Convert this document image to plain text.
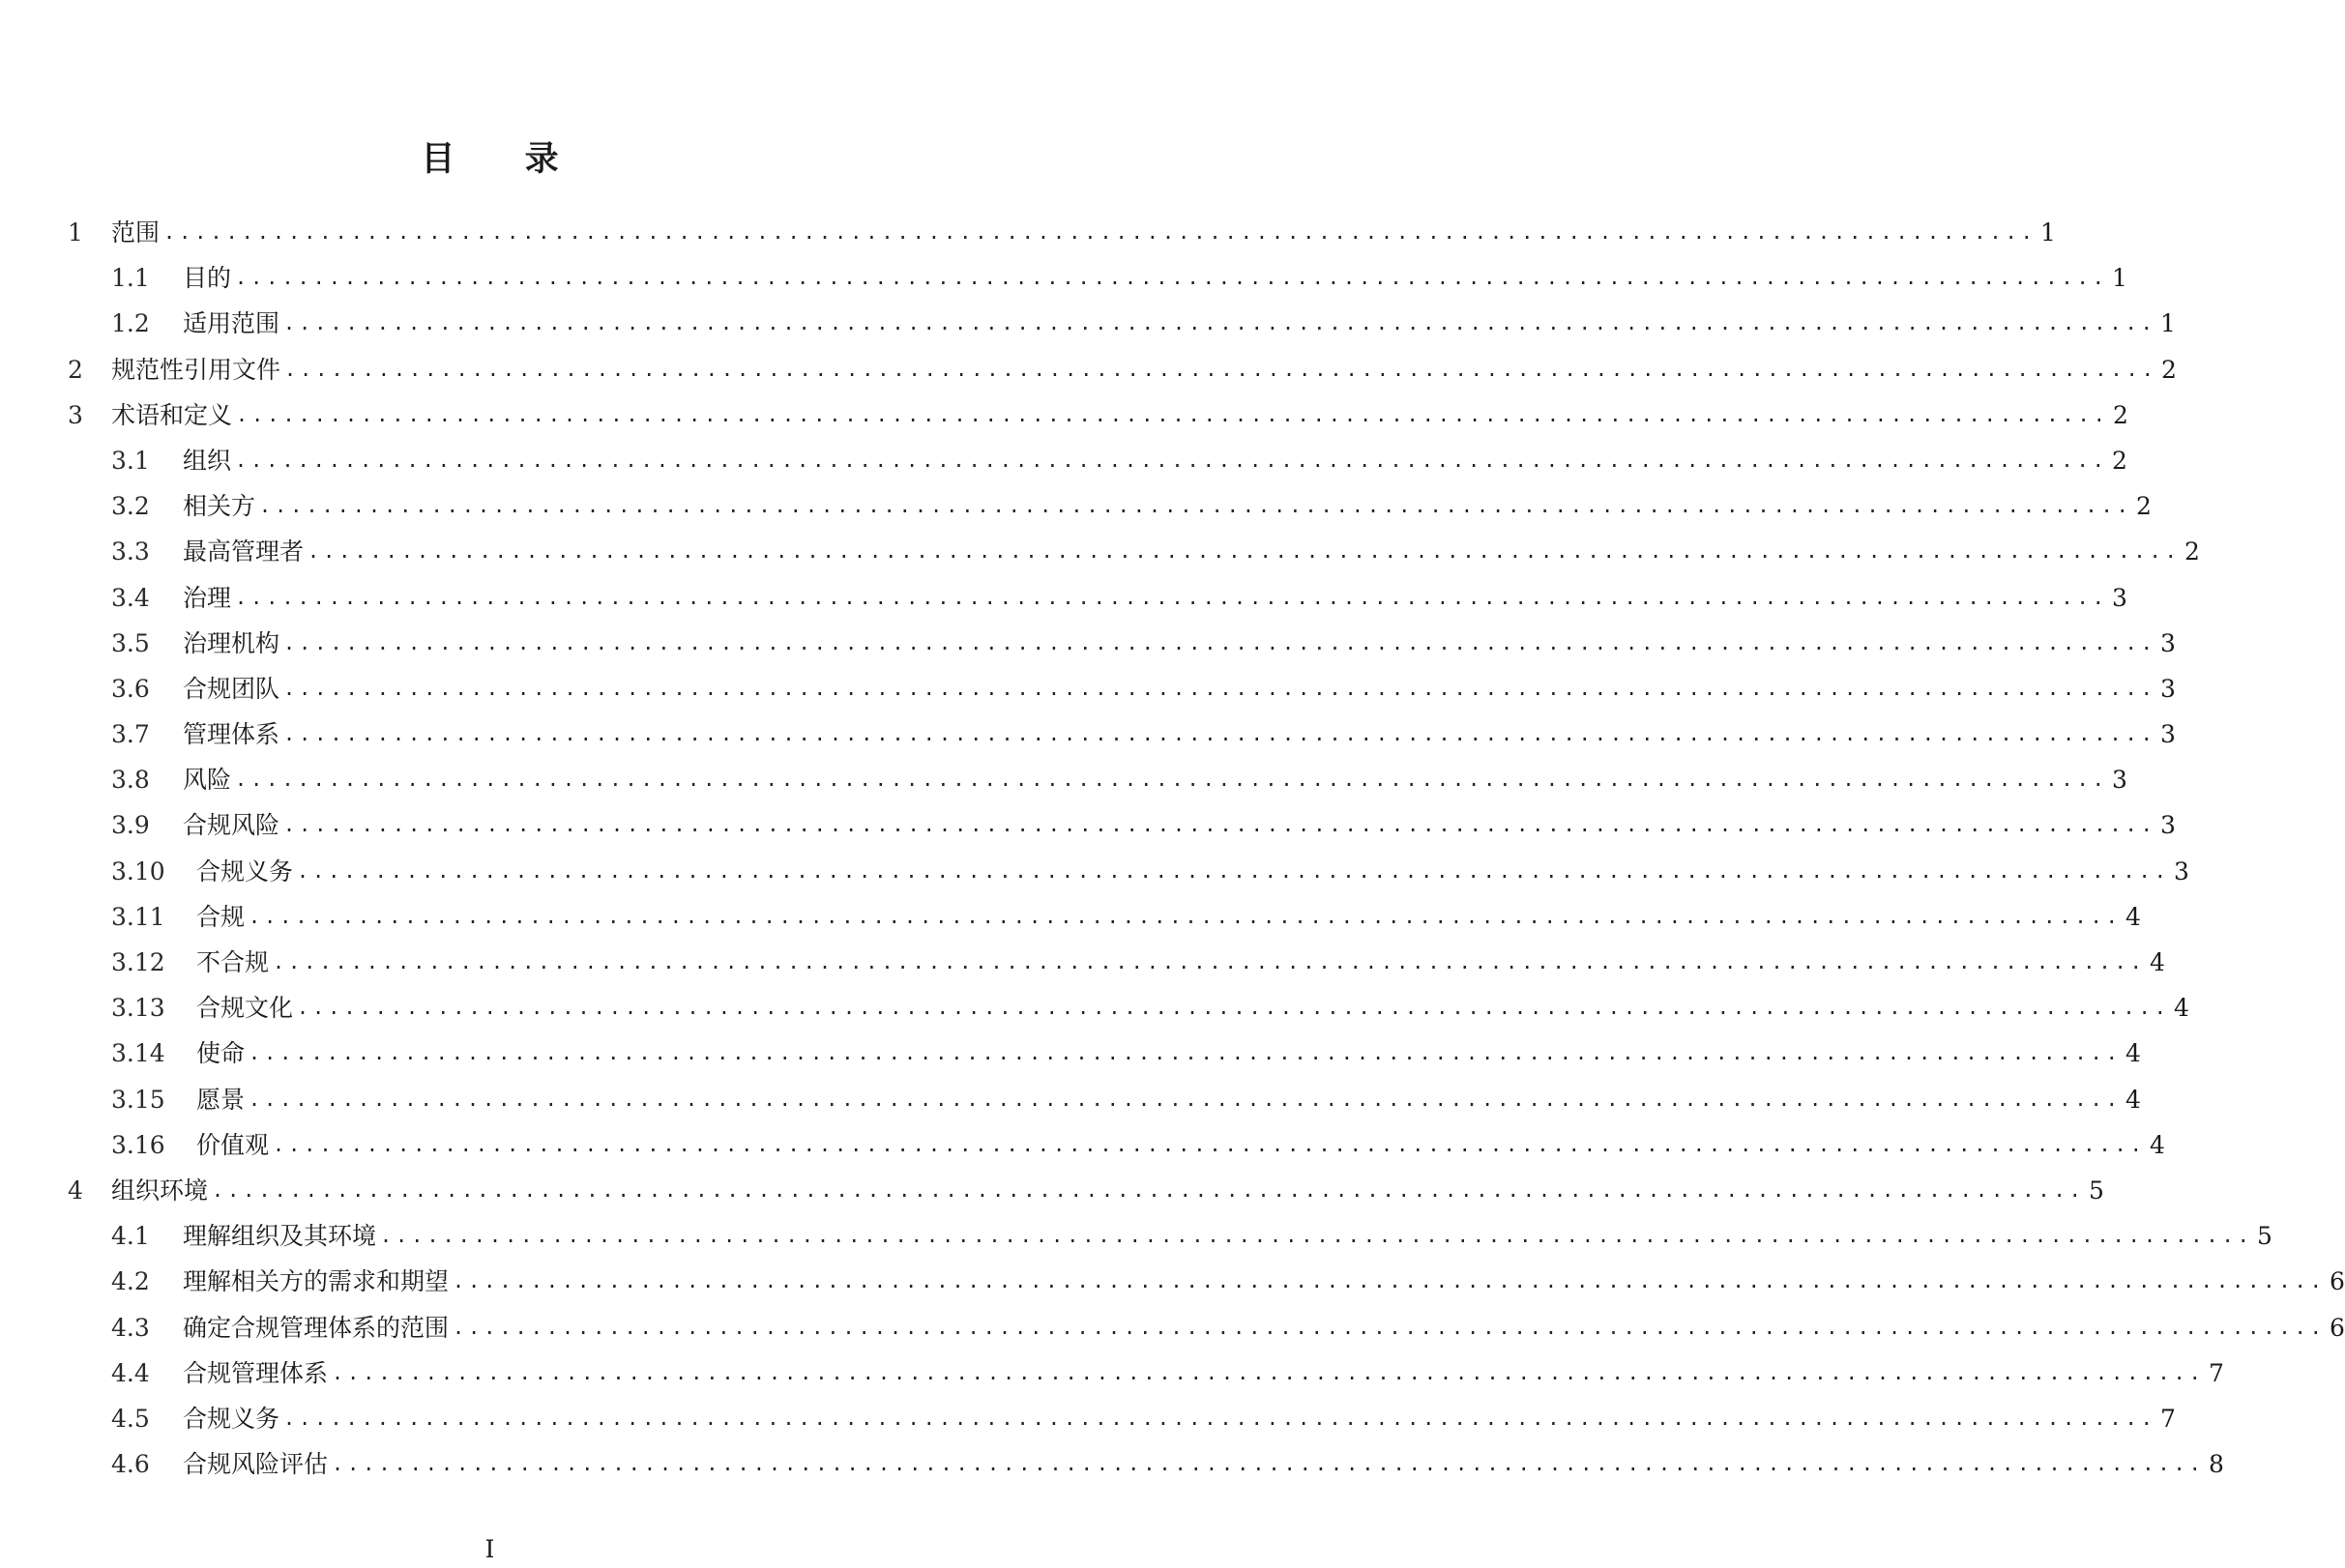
目 录
1	范围 ........................................................................................................................ 1
1.1	目的 ........................................................................................................................ 1
1.2	适用范围 ........................................................................................................................ 1
2	规范性引用文件 ........................................................................................................................ 2
3	术语和定义 ........................................................................................................................ 2
3.1	组织 ........................................................................................................................ 2
3.2	相关方 ........................................................................................................................ 2
3.3	最高管理者 ........................................................................................................................ 2
3.4	治理 ........................................................................................................................ 3
3.5	治理机构 ........................................................................................................................ 3
3.6	合规团队 ........................................................................................................................ 3
3.7	管理体系 ........................................................................................................................ 3
3.8	风险 ........................................................................................................................ 3
3.9	合规风险 ........................................................................................................................ 3
3.10	合规义务 ........................................................................................................................ 3
3.11	合规 ........................................................................................................................ 4
3.12	不合规 ........................................................................................................................ 4
3.13	合规文化 ........................................................................................................................ 4
3.14	使命 ........................................................................................................................ 4
3.15	愿景 ........................................................................................................................ 4
3.16	价值观 ........................................................................................................................ 4
4	组织环境 ........................................................................................................................ 5
4.1	理解组织及其环境 ........................................................................................................................ 5
4.2	理解相关方的需求和期望 ........................................................................................................................ 6
4.3	确定合规管理体系的范围 ........................................................................................................................ 6
4.4	合规管理体系 ........................................................................................................................ 7
4.5	合规义务 ........................................................................................................................ 7
4.6	合规风险评估 ........................................................................................................................ 8
I
